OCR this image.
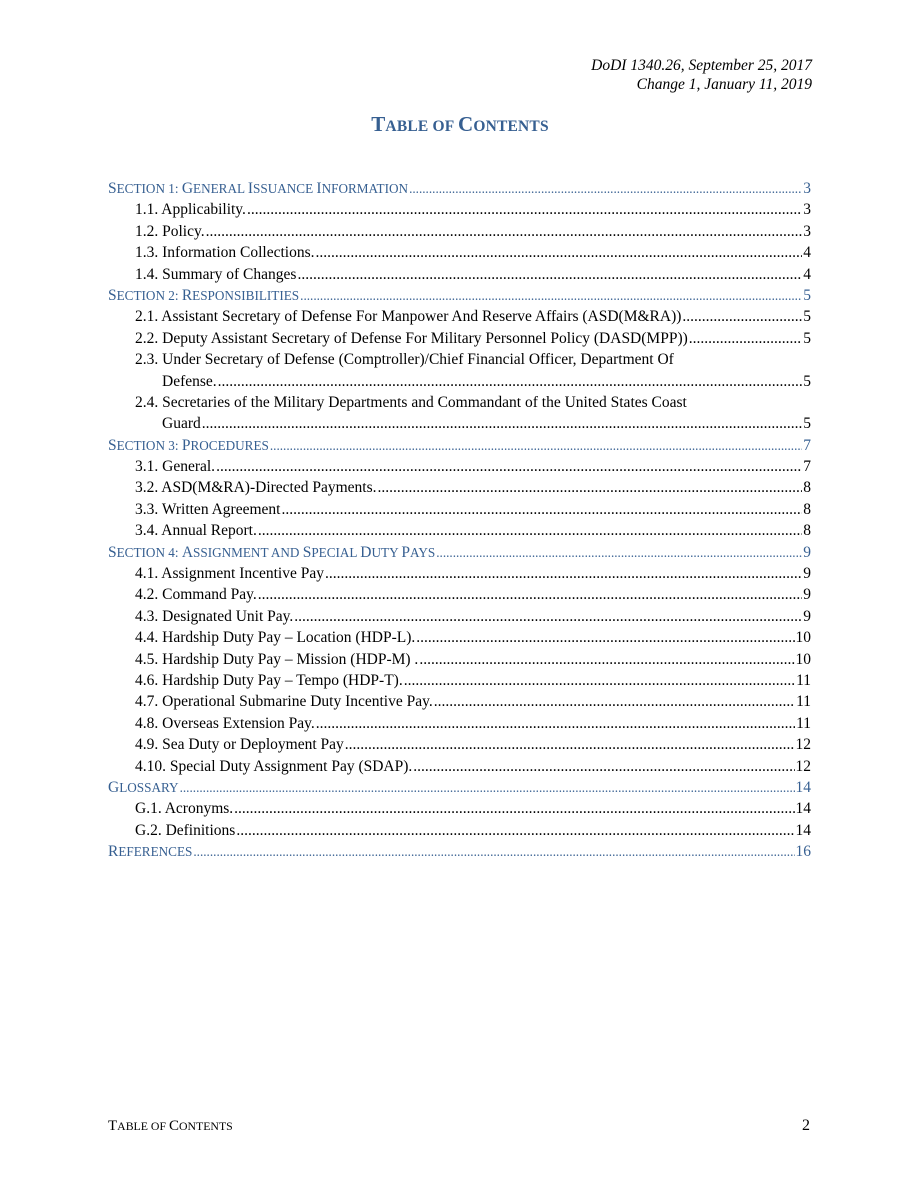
DoDI 1340.26, September 25, 2017
Change 1, January 11, 2019
TABLE OF CONTENTS
SECTION 1: GENERAL ISSUANCE INFORMATION .....	3
1.1. Applicability. .....	3
1.2. Policy. .....	3
1.3. Information Collections. .....	4
1.4. Summary of Changes .....	4
SECTION 2: RESPONSIBILITIES .....	5
2.1. Assistant Secretary of Defense For Manpower And Reserve Affairs (ASD(M&RA)) .....	5
2.2. Deputy Assistant Secretary of Defense For Military Personnel Policy (DASD(MPP)) .....	5
2.3. Under Secretary of Defense (Comptroller)/Chief Financial Officer, Department Of
Defense. .....	5
2.4. Secretaries of the Military Departments and Commandant of the United States Coast
Guard .....	5
SECTION 3: PROCEDURES .....	7
3.1. General. .....	7
3.2. ASD(M&RA)-Directed Payments. .....	8
3.3. Written Agreement .....	8
3.4. Annual Report. .....	8
SECTION 4: ASSIGNMENT AND SPECIAL DUTY PAYS .....	9
4.1. Assignment Incentive Pay .....	9
4.2. Command Pay. .....	9
4.3. Designated Unit Pay. .....	9
4.4. Hardship Duty Pay – Location (HDP-L). .....	10
4.5. Hardship Duty Pay – Mission (HDP-M) . .....	10
4.6. Hardship Duty Pay – Tempo (HDP-T). .....	11
4.7. Operational Submarine Duty Incentive Pay. .....	11
4.8. Overseas Extension Pay. .....	11
4.9. Sea Duty or Deployment Pay .....	12
4.10. Special Duty Assignment Pay (SDAP). .....	12
GLOSSARY .....	14
G.1. Acronyms. .....	14
G.2. Definitions .....	14
REFERENCES .....	16
TABLE OF CONTENTS	2
